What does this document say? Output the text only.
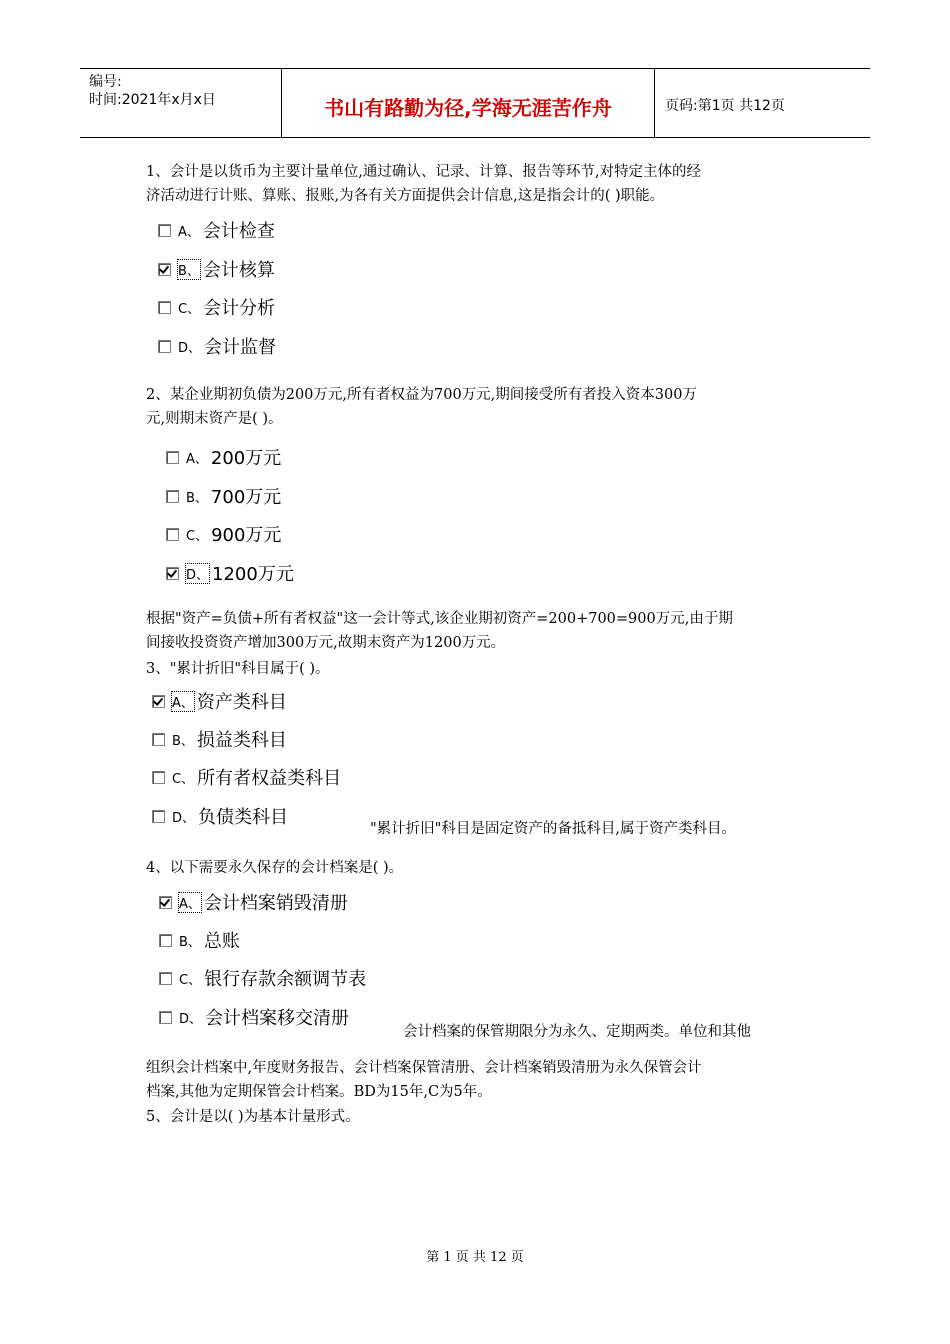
编号:
时间:2021年x月x日	书山有路勤为径,学海无涯苦作舟	页码:第1页 共12页
1、会计是以货币为主要计量单位,通过确认、记录、计算、报告等环节,对特定主体的经
济活动进行计账、算账、报账,为各有关方面提供会计信息,这是指会计的( )职能。
A、 会计检查
B、 会计核算
C、 会计分析
D、 会计监督
2、某企业期初负债为200万元,所有者权益为700万元,期间接受所有者投入资本300万
元,则期末资产是( )。
A、 200万元
B、 700万元
C、 900万元
D、 1200万元
根据"资产=负债+所有者权益"这一会计等式,该企业期初资产=200+700=900万元,由于期
间接收投资资产增加300万元,故期末资产为1200万元。
3、"累计折旧"科目属于( )。
A、 资产类科目
B、 损益类科目
C、 所有者权益类科目
D、 负债类科目
"累计折旧"科目是固定资产的备抵科目,属于资产类科目。
4、以下需要永久保存的会计档案是( )。
A、 会计档案销毁清册
B、 总账
C、 银行存款余额调节表
D、 会计档案移交清册
会计档案的保管期限分为永久、定期两类。单位和其他
组织会计档案中,年度财务报告、会计档案保管清册、会计档案销毁清册为永久保管会计
档案,其他为定期保管会计档案。BD为15年,C为5年。
5、会计是以( )为基本计量形式。
第 1 页 共 12 页
